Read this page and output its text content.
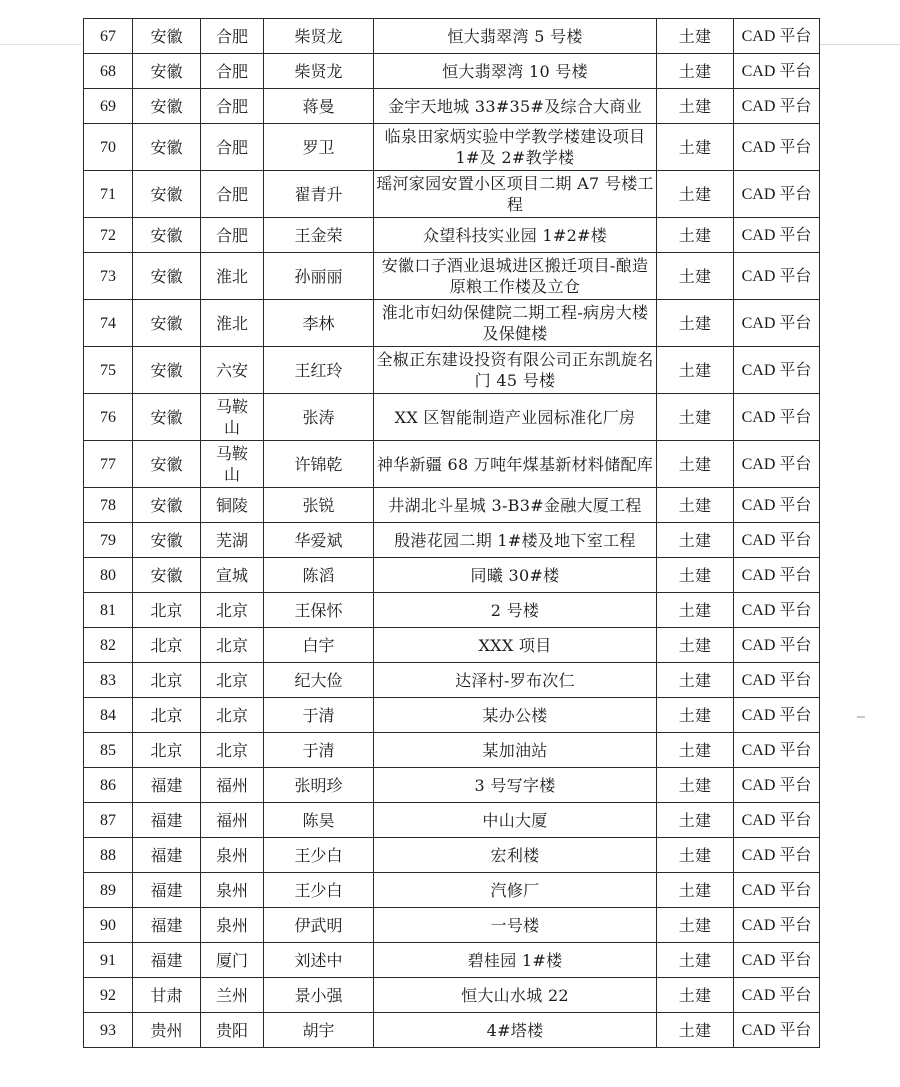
67	安徽	合肥	柴贤龙	恒大翡翠湾 5 号楼	土建	CAD 平台
68	安徽	合肥	柴贤龙	恒大翡翠湾 10 号楼	土建	CAD 平台
69	安徽	合肥	蒋曼	金宇天地城 33#35#及综合大商业	土建	CAD 平台
70	安徽	合肥	罗卫	临泉田家炳实验中学教学楼建设项目 1#及 2#教学楼	土建	CAD 平台
71	安徽	合肥	翟青升	瑶河家园安置小区项目二期 A7 号楼工程	土建	CAD 平台
72	安徽	合肥	王金荣	众望科技实业园 1#2#楼	土建	CAD 平台
73	安徽	淮北	孙丽丽	安徽口子酒业退城进区搬迁项目-酿造原粮工作楼及立仓	土建	CAD 平台
74	安徽	淮北	李林	淮北市妇幼保健院二期工程-病房大楼及保健楼	土建	CAD 平台
75	安徽	六安	王红玲	全椒正东建设投资有限公司正东凯旋名门 45 号楼	土建	CAD 平台
76	安徽	马鞍山	张涛	XX 区智能制造产业园标准化厂房	土建	CAD 平台
77	安徽	马鞍山	许锦乾	神华新疆 68 万吨年煤基新材料储配库	土建	CAD 平台
78	安徽	铜陵	张锐	井湖北斗星城 3-B3#金融大厦工程	土建	CAD 平台
79	安徽	芜湖	华爱斌	殷港花园二期 1#楼及地下室工程	土建	CAD 平台
80	安徽	宣城	陈滔	同曦 30#楼	土建	CAD 平台
81	北京	北京	王保怀	2 号楼	土建	CAD 平台
82	北京	北京	白宇	XXX 项目	土建	CAD 平台
83	北京	北京	纪大俭	达泽村-罗布次仁	土建	CAD 平台
84	北京	北京	于清	某办公楼	土建	CAD 平台
85	北京	北京	于清	某加油站	土建	CAD 平台
86	福建	福州	张明珍	3 号写字楼	土建	CAD 平台
87	福建	福州	陈昊	中山大厦	土建	CAD 平台
88	福建	泉州	王少白	宏利楼	土建	CAD 平台
89	福建	泉州	王少白	汽修厂	土建	CAD 平台
90	福建	泉州	伊武明	一号楼	土建	CAD 平台
91	福建	厦门	刘述中	碧桂园 1#楼	土建	CAD 平台
92	甘肃	兰州	景小强	恒大山水城 22	土建	CAD 平台
93	贵州	贵阳	胡宇	4#塔楼	土建	CAD 平台
